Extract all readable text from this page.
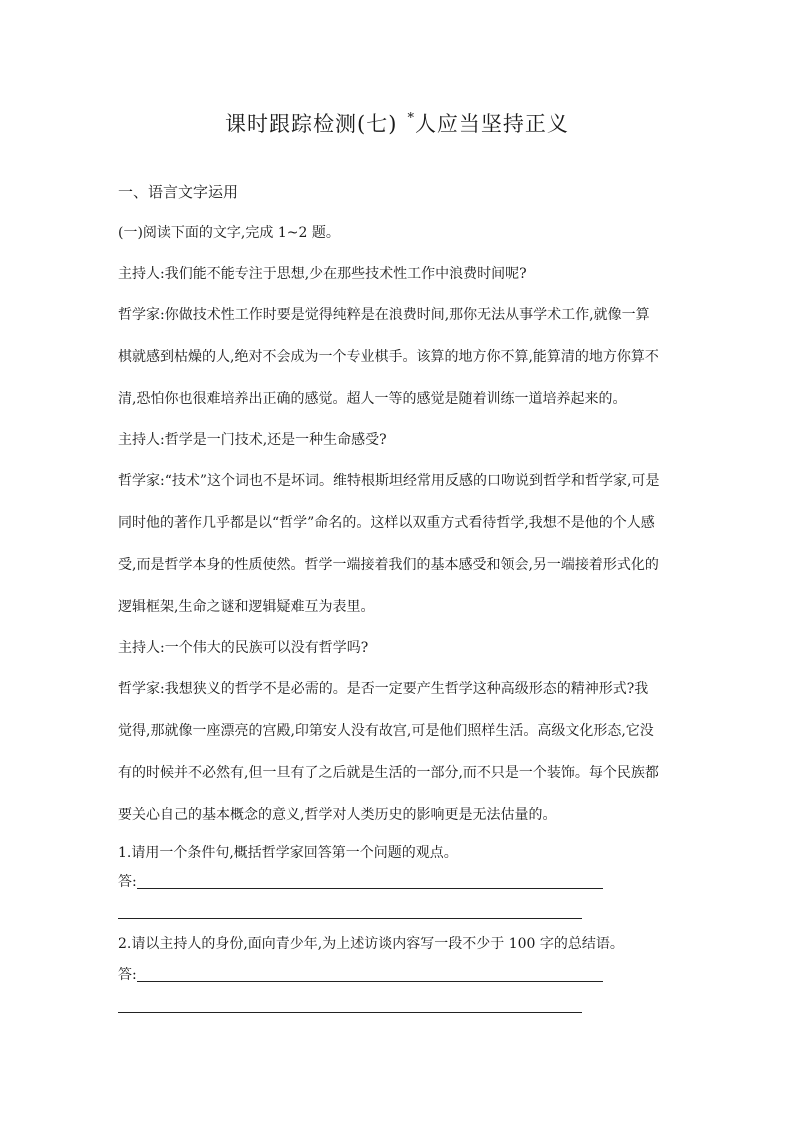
课时跟踪检测(七) *人应当坚持正义
一、语言文字运用
(一)阅读下面的文字,完成 1~2 题。
主持人:我们能不能专注于思想,少在那些技术性工作中浪费时间呢?
哲学家:你做技术性工作时要是觉得纯粹是在浪费时间,那你无法从事学术工作,就像一算
棋就感到枯燥的人,绝对不会成为一个专业棋手。该算的地方你不算,能算清的地方你算不
清,恐怕你也很难培养出正确的感觉。超人一等的感觉是随着训练一道培养起来的。
主持人:哲学是一门技术,还是一种生命感受?
哲学家:“技术”这个词也不是坏词。维特根斯坦经常用反感的口吻说到哲学和哲学家,可是
同时他的著作几乎都是以“哲学”命名的。这样以双重方式看待哲学,我想不是他的个人感
受,而是哲学本身的性质使然。哲学一端接着我们的基本感受和领会,另一端接着形式化的
逻辑框架,生命之谜和逻辑疑难互为表里。
主持人:一个伟大的民族可以没有哲学吗?
哲学家:我想狭义的哲学不是必需的。是否一定要产生哲学这种高级形态的精神形式?我
觉得,那就像一座漂亮的宫殿,印第安人没有故宫,可是他们照样生活。高级文化形态,它没
有的时候并不必然有,但一旦有了之后就是生活的一部分,而不只是一个装饰。每个民族都
要关心自己的基本概念的意义,哲学对人类历史的影响更是无法估量的。
1.请用一个条件句,概括哲学家回答第一个问题的观点。
答:
2.请以主持人的身份,面向青少年,为上述访谈内容写一段不少于 100 字的总结语。
答:
